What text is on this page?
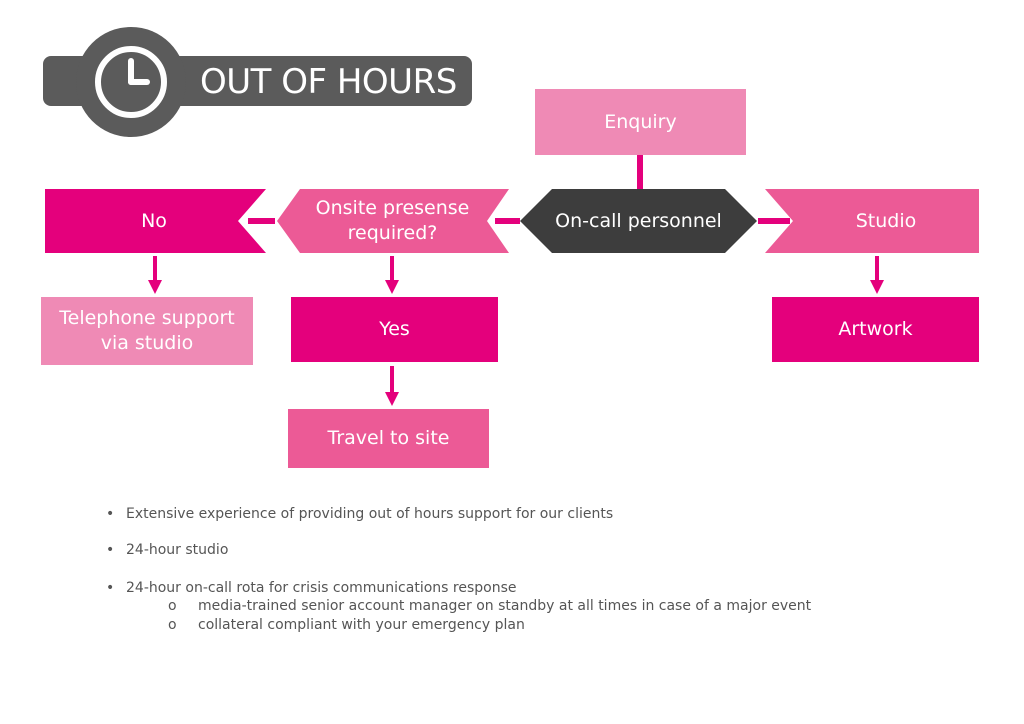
OUT OF HOURS
Enquiry
On-call personnel
Onsite presense
required?
No	Studio
Telephone support
via studio
Yes
Travel to site
Artwork
• Extensive experience of providing out of hours support for our clients
• 24-hour studio
• 24-hour on-call rota for crisis communications response
o media-trained senior account manager on standby at all times in case of a major event
o collateral compliant with your emergency plan
